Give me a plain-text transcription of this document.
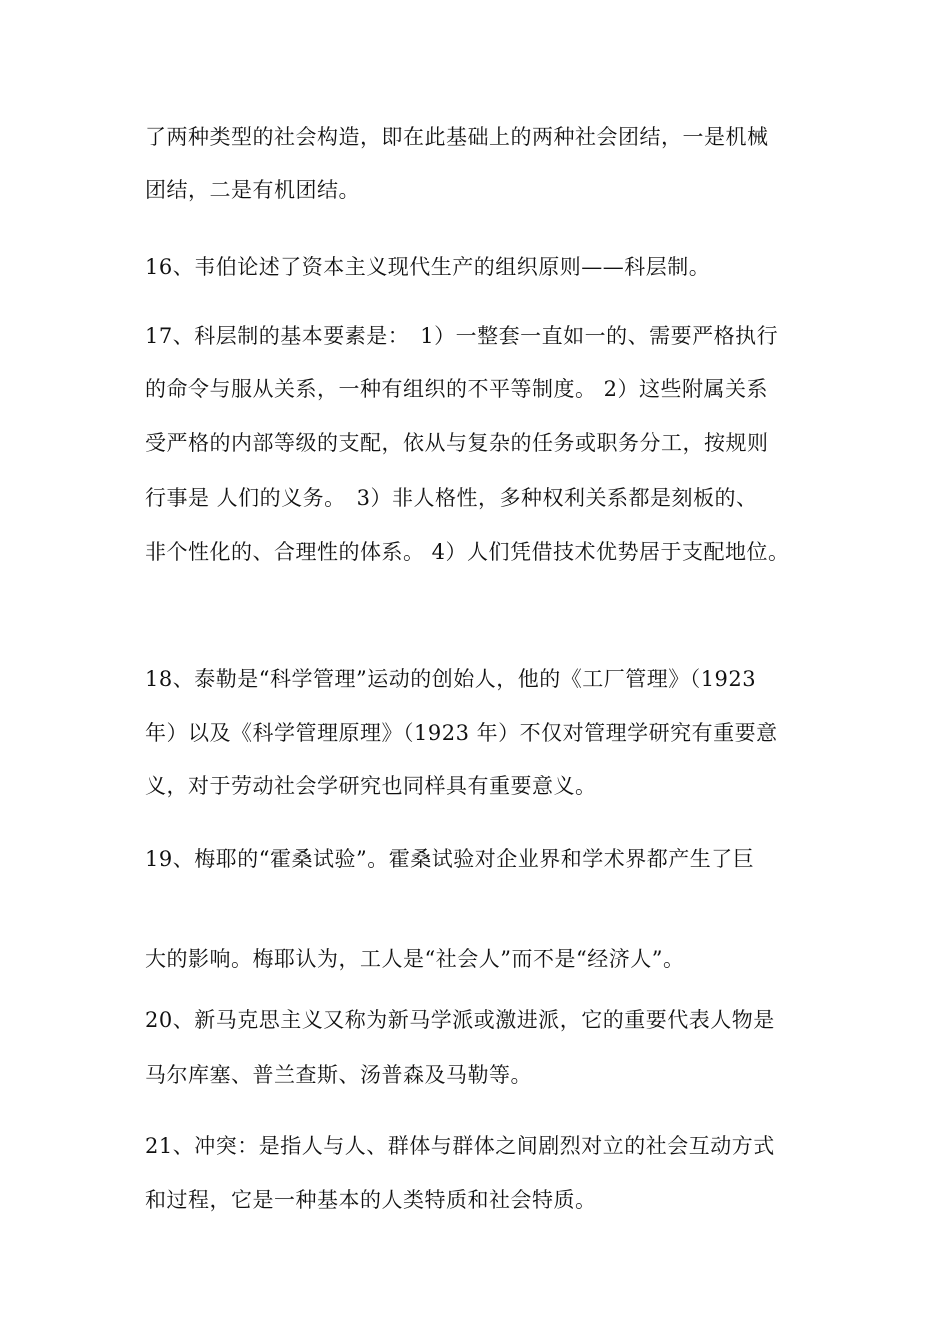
了两种类型的社会构造，即在此基础上的两种社会团结，一是机械
团结，二是有机团结。
16、韦伯论述了资本主义现代生产的组织原则——科层制。
17、科层制的基本要素是：　1）一整套一直如一的、需要严格执行
的命令与服从关系，一种有组织的不平等制度。 2）这些附属关系
受严格的内部等级的支配，依从与复杂的任务或职务分工，按规则
行事是 人们的义务。　3）非人格性，多种权利关系都是刻板的、
非个性化的、合理性的体系。 4）人们凭借技术优势居于支配地位。
18、泰勒是“科学管理”运动的创始人，他的《工厂管理》（1923
年）以及《科学管理原理》（1923 年）不仅对管理学研究有重要意
义，对于劳动社会学研究也同样具有重要意义。
19、梅耶的“霍桑试验”。霍桑试验对企业界和学术界都产生了巨
大的影响。梅耶认为，工人是“社会人”而不是“经济人”。
20、新马克思主义又称为新马学派或激进派，它的重要代表人物是
马尔库塞、普兰查斯、汤普森及马勒等。
21、冲突：是指人与人、群体与群体之间剧烈对立的社会互动方式
和过程，它是一种基本的人类特质和社会特质。
